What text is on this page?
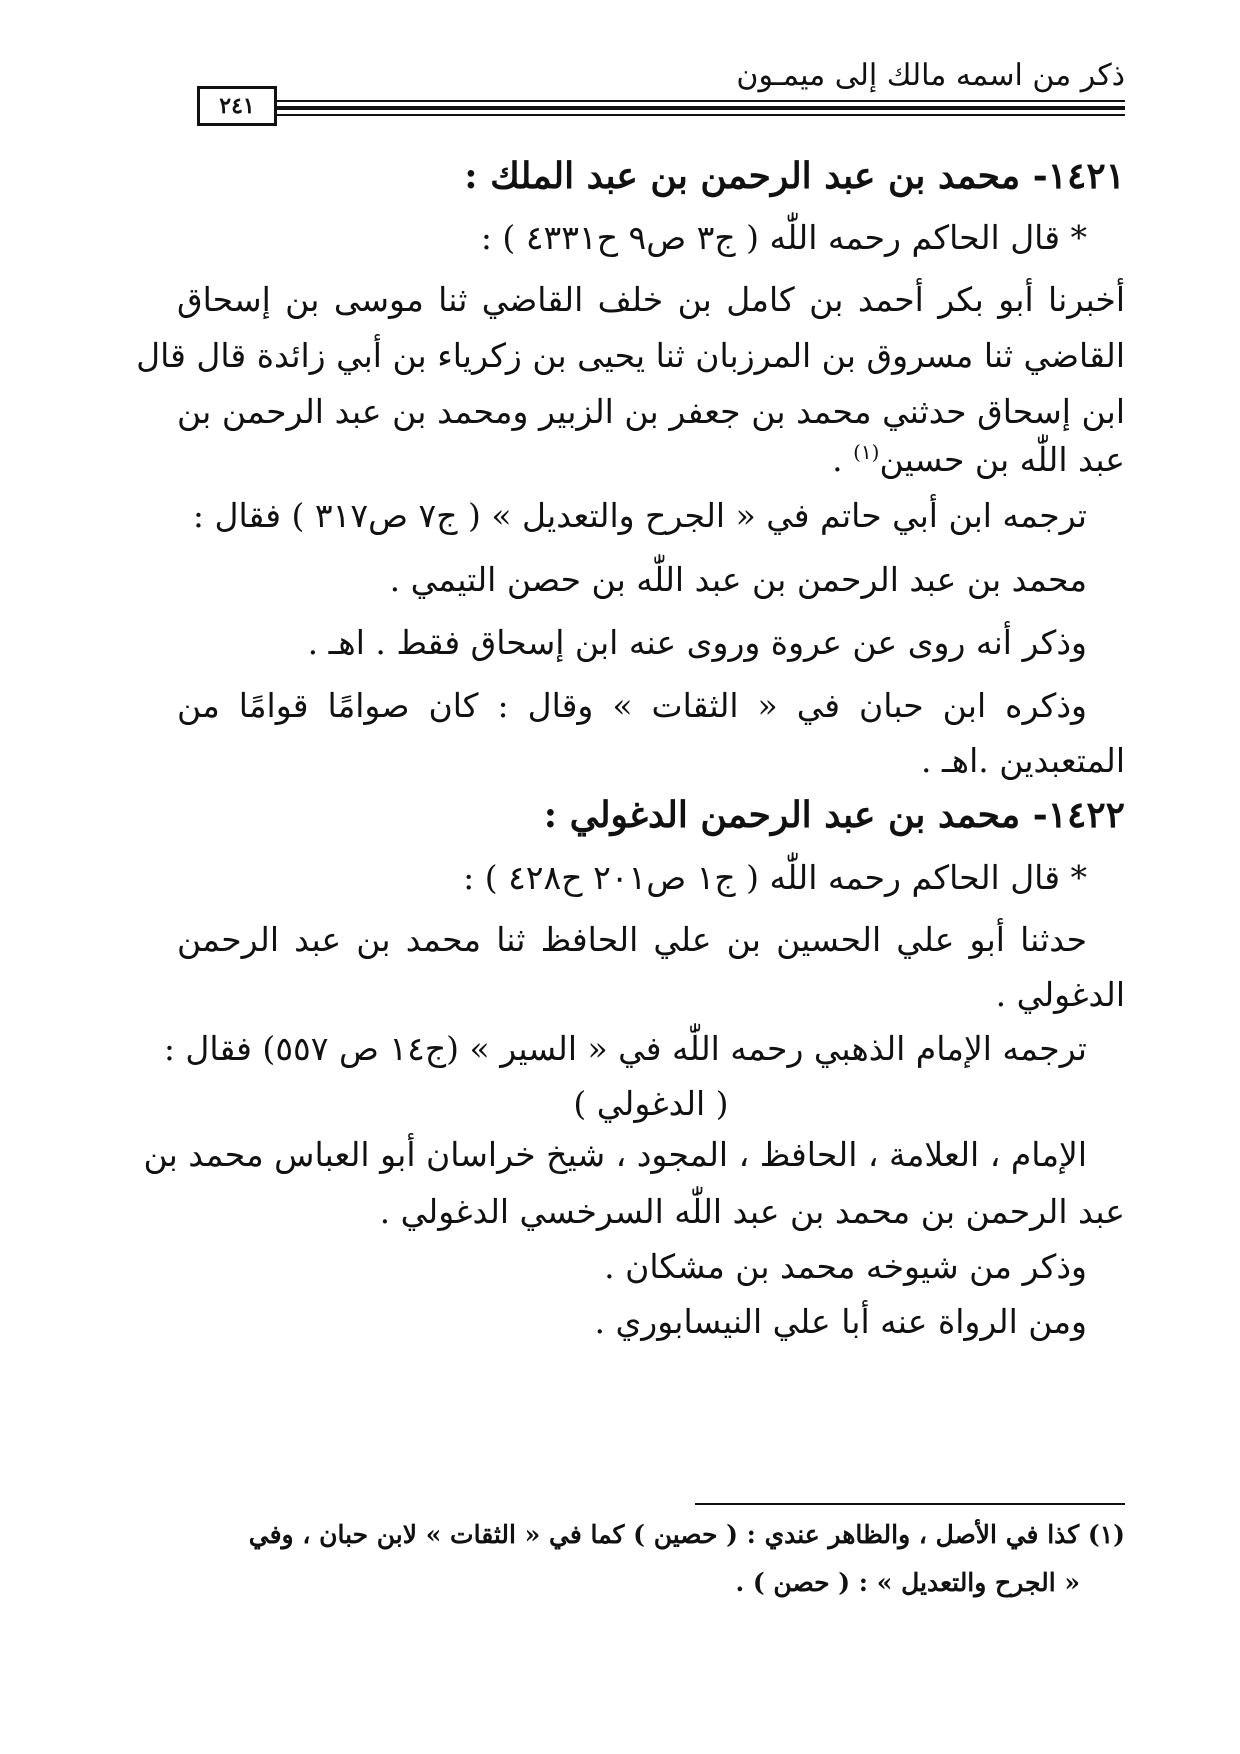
ذكر من اسمه مالك إلى ميمـون
٢٤١
١٤٢١- محمد بن عبد الرحمن بن عبد الملك :
* قال الحاكم رحمه اللّٰه ( ج٣ ص٩ ح٤٣٣١ ) :
أخبرنا أبو بكر أحمد بن كامل بن خلف القاضي ثنا موسى بن إسحاق
القاضي ثنا مسروق بن المرزبان ثنا يحيى بن زكرياء بن أبي زائدة قال قال
ابن إسحاق حدثني محمد بن جعفر بن الزبير ومحمد بن عبد الرحمن بن
عبد اللّٰه بن حسين$^{(١)}$ .
ترجمه ابن أبي حاتم في « الجرح والتعديل » ( ج٧ ص٣١٧ ) فقال :
محمد بن عبد الرحمن بن عبد اللّٰه بن حصن التيمي .
وذكر أنه روى عن عروة وروى عنه ابن إسحاق فقط . اهـ .
وذكره ابن حبان في « الثقات » وقال : كان صوامًا قوامًا من
المتعبدين .اهـ .
١٤٢٢- محمد بن عبد الرحمن الدغولي :
* قال الحاكم رحمه اللّٰه ( ج١ ص٢٠١ ح٤٢٨ ) :
حدثنا أبو علي الحسين بن علي الحافظ ثنا محمد بن عبد الرحمن
الدغولي .
ترجمه الإمام الذهبي رحمه اللّٰه في « السير » (ج١٤ ص ٥٥٧) فقال :
( الدغولي )
الإمام ، العلامة ، الحافظ ، المجود ، شيخ خراسان أبو العباس محمد بن
عبد الرحمن بن محمد بن عبد اللّٰه السرخسي الدغولي .
وذكر من شيوخه محمد بن مشكان .
ومن الرواة عنه أبا علي النيسابوري .
(١) كذا في الأصل ، والظاهر عندي : ( حصين ) كما في « الثقات » لابن حبان ، وفي
« الجرح والتعديل » : ( حصن ) .
